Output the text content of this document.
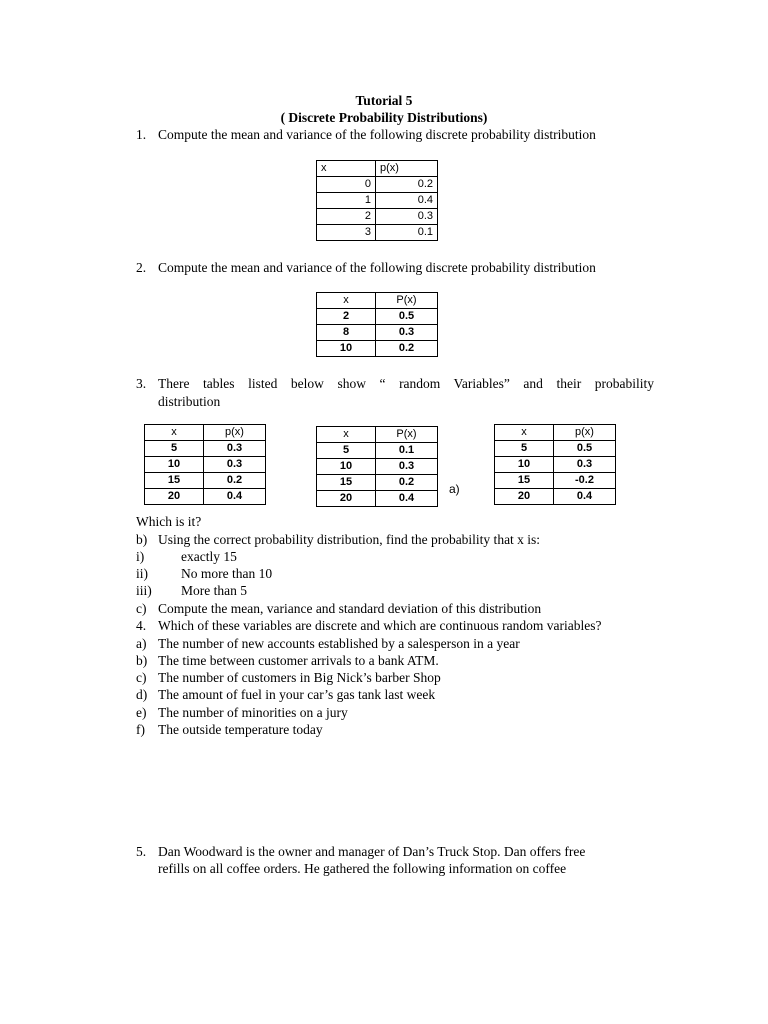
Tutorial 5
( Discrete Probability Distributions)
1. Compute the mean and variance of the following discrete probability distribution
x	p(x)
0	0.2
1	0.4
2	0.3
3	0.1
2. Compute the mean and variance of the following discrete probability distribution
x	P(x)
2	0.5
8	0.3
10	0.2
3. There tables listed below show “ random Variables” and their probability
distribution
x	p(x)
5	0.3
10	0.3
15	0.2
20	0.4
x	P(x)
5	0.1
10	0.3
15	0.2
20	0.4
a)
x	p(x)
5	0.5
10	0.3
15	-0.2
20	0.4
Which is it?
b) Using the correct probability distribution, find the probability that x is:
i)	exactly 15
ii) No more than 10
iii) More than 5
c) Compute the mean, variance and standard deviation of this distribution
4. Which of these variables are discrete and which are continuous random variables?
a) The number of new accounts established by a salesperson in a year
b) The time between customer arrivals to a bank ATM.
c) The number of customers in Big Nick’s barber Shop
d) The amount of fuel in your car’s gas tank last week
e) The number of minorities on a jury
f) The outside temperature today
5. Dan Woodward is the owner and manager of Dan’s Truck Stop. Dan offers free
refills on all coffee orders. He gathered the following information on coffee
